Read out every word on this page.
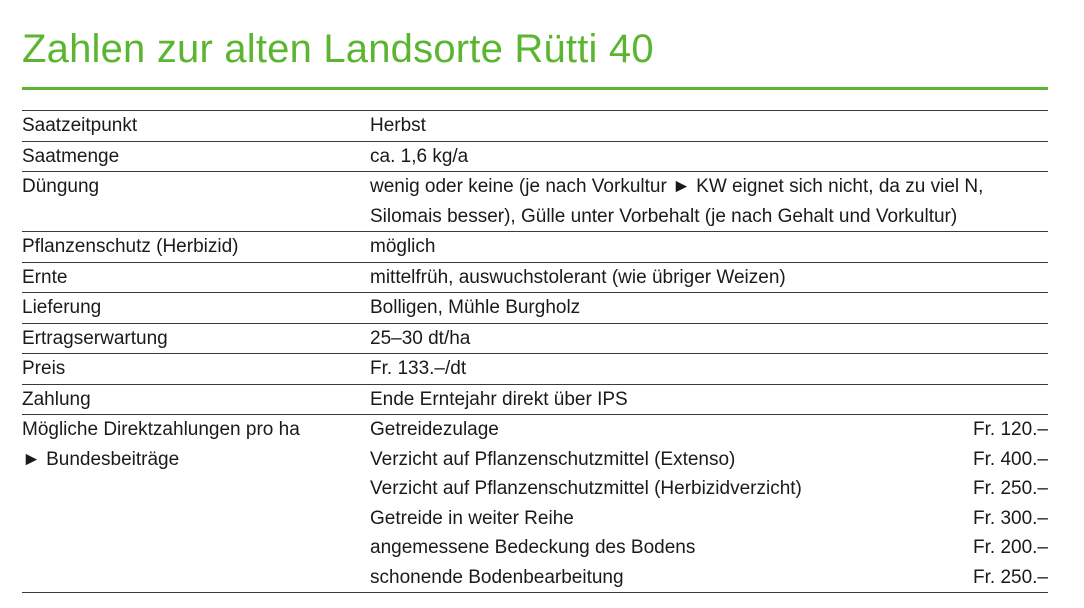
Zahlen zur alten Landsorte Rütti 40
Saatzeitpunkt	Herbst
Saatmenge	ca. 1,6 kg/a
Düngung	wenig oder keine (je nach Vorkultur ► KW eignet sich nicht, da zu viel N,
Silomais besser), Gülle unter Vorbehalt (je nach Gehalt und Vorkultur)
Pflanzenschutz (Herbizid)	möglich
Ernte	mittelfrüh, auswuchstolerant (wie übriger Weizen)
Lieferung	Bolligen, Mühle Burgholz
Ertragserwartung	25–30 dt/ha
Preis	Fr. 133.–/dt
Zahlung	Ende Erntejahr direkt über IPS
Mögliche Direktzahlungen pro ha
► Bundesbeiträge
Getreidezulage	Fr. 120.–
Verzicht auf Pflanzenschutzmittel (Extenso)	Fr. 400.–
Verzicht auf Pflanzenschutzmittel (Herbizidverzicht)	Fr. 250.–
Getreide in weiter Reihe	Fr. 300.–
angemessene Bedeckung des Bodens	Fr. 200.–
schonende Bodenbearbeitung	Fr. 250.–
